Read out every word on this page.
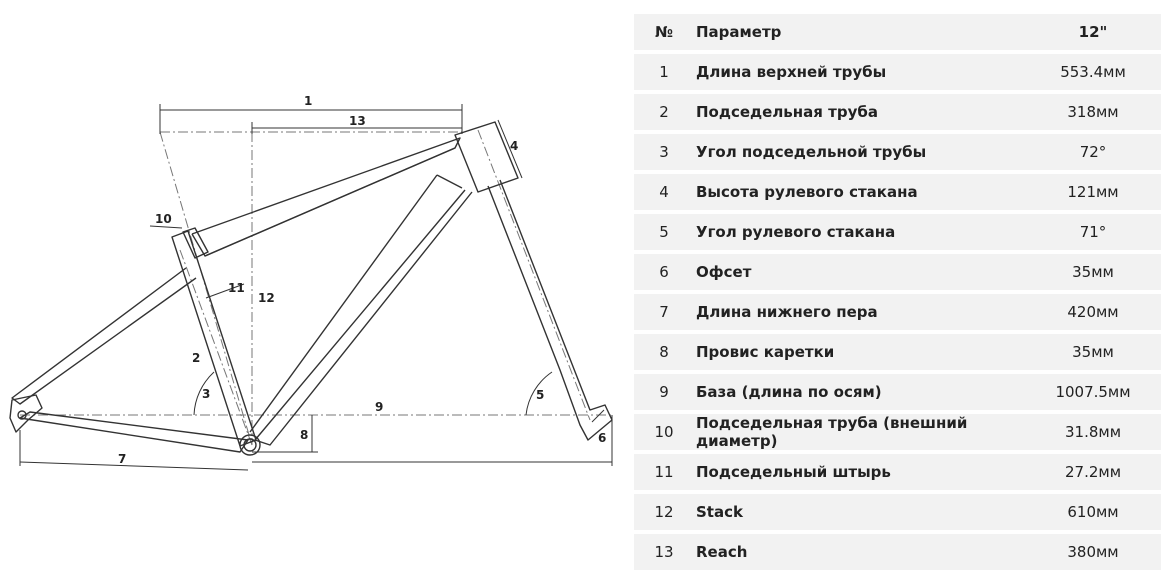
1
13
4
10
11
12
2
3	5
9
8
7
6
№	Параметр	12"
1	Длина верхней трубы	553.4мм
2	Подседельная труба	318мм
3	Угол подседельной трубы	72°
4	Высота рулевого стакана	121мм
5	Угол рулевого стакана	71°
6	Офсет	35мм
7	Длина нижнего пера	420мм
8	Провис каретки	35мм
9	База (длина по осям)	1007.5мм
10	Подседельная труба (внешний диаметр)	31.8мм
11	Подседельный штырь	27.2мм
12	Stack	610мм
13	Reach	380мм
